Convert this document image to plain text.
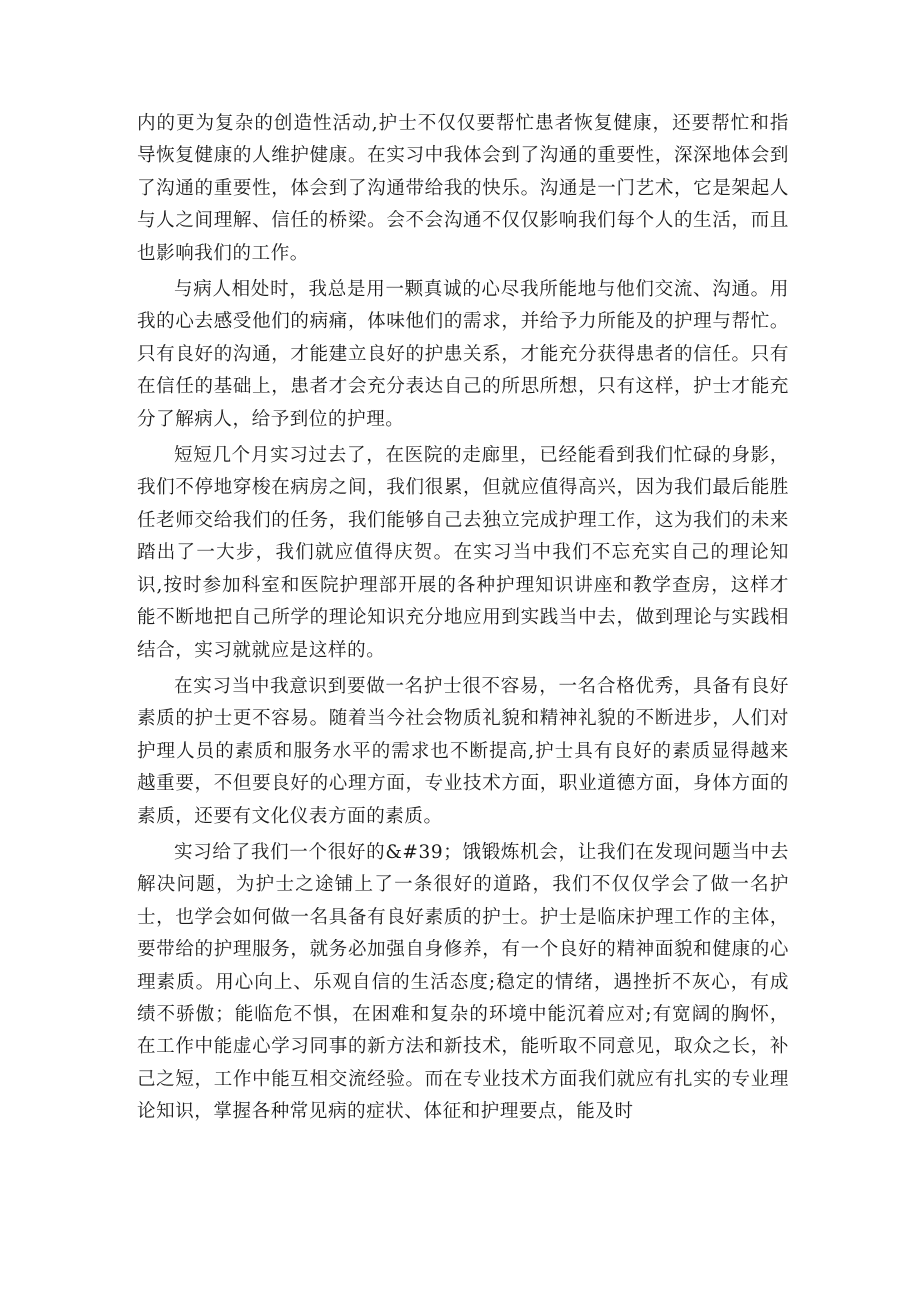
内的更为复杂的创造性活动,护士不仅仅要帮忙患者恢复健康，还要帮忙和指导恢复健康的人维护健康。在实习中我体会到了沟通的重要性，深深地体会到了沟通的重要性，体会到了沟通带给我的快乐。沟通是一门艺术，它是架起人与人之间理解、信任的桥梁。会不会沟通不仅仅影响我们每个人的生活，而且也影响我们的工作。

与病人相处时，我总是用一颗真诚的心尽我所能地与他们交流、沟通。用我的心去感受他们的病痛，体味他们的需求，并给予力所能及的护理与帮忙。只有良好的沟通，才能建立良好的护患关系，才能充分获得患者的信任。只有在信任的基础上，患者才会充分表达自己的所思所想，只有这样，护士才能充分了解病人，给予到位的护理。

短短几个月实习过去了，在医院的走廊里，已经能看到我们忙碌的身影，我们不停地穿梭在病房之间，我们很累，但就应值得高兴，因为我们最后能胜任老师交给我们的任务，我们能够自己去独立完成护理工作，这为我们的未来踏出了一大步，我们就应值得庆贺。在实习当中我们不忘充实自己的理论知识,按时参加科室和医院护理部开展的各种护理知识讲座和教学查房，这样才能不断地把自己所学的理论知识充分地应用到实践当中去，做到理论与实践相结合，实习就就应是这样的。

在实习当中我意识到要做一名护士很不容易，一名合格优秀，具备有良好素质的护士更不容易。随着当今社会物质礼貌和精神礼貌的不断进步，人们对护理人员的素质和服务水平的需求也不断提高,护士具有良好的素质显得越来越重要，不但要良好的心理方面，专业技术方面，职业道德方面，身体方面的素质，还要有文化仪表方面的素质。

实习给了我们一个很好的&#39；饿锻炼机会，让我们在发现问题当中去解决问题，为护士之途铺上了一条很好的道路，我们不仅仅学会了做一名护士，也学会如何做一名具备有良好素质的护士。护士是临床护理工作的主体，要带给的护理服务，就务必加强自身修养，有一个良好的精神面貌和健康的心理素质。用心向上、乐观自信的生活态度;稳定的情绪，遇挫折不灰心，有成绩不骄傲；能临危不惧，在困难和复杂的环境中能沉着应对;有宽阔的胸怀，在工作中能虚心学习同事的新方法和新技术，能听取不同意见，取众之长，补己之短，工作中能互相交流经验。而在专业技术方面我们就应有扎实的专业理论知识，掌握各种常见病的症状、体征和护理要点，能及时
